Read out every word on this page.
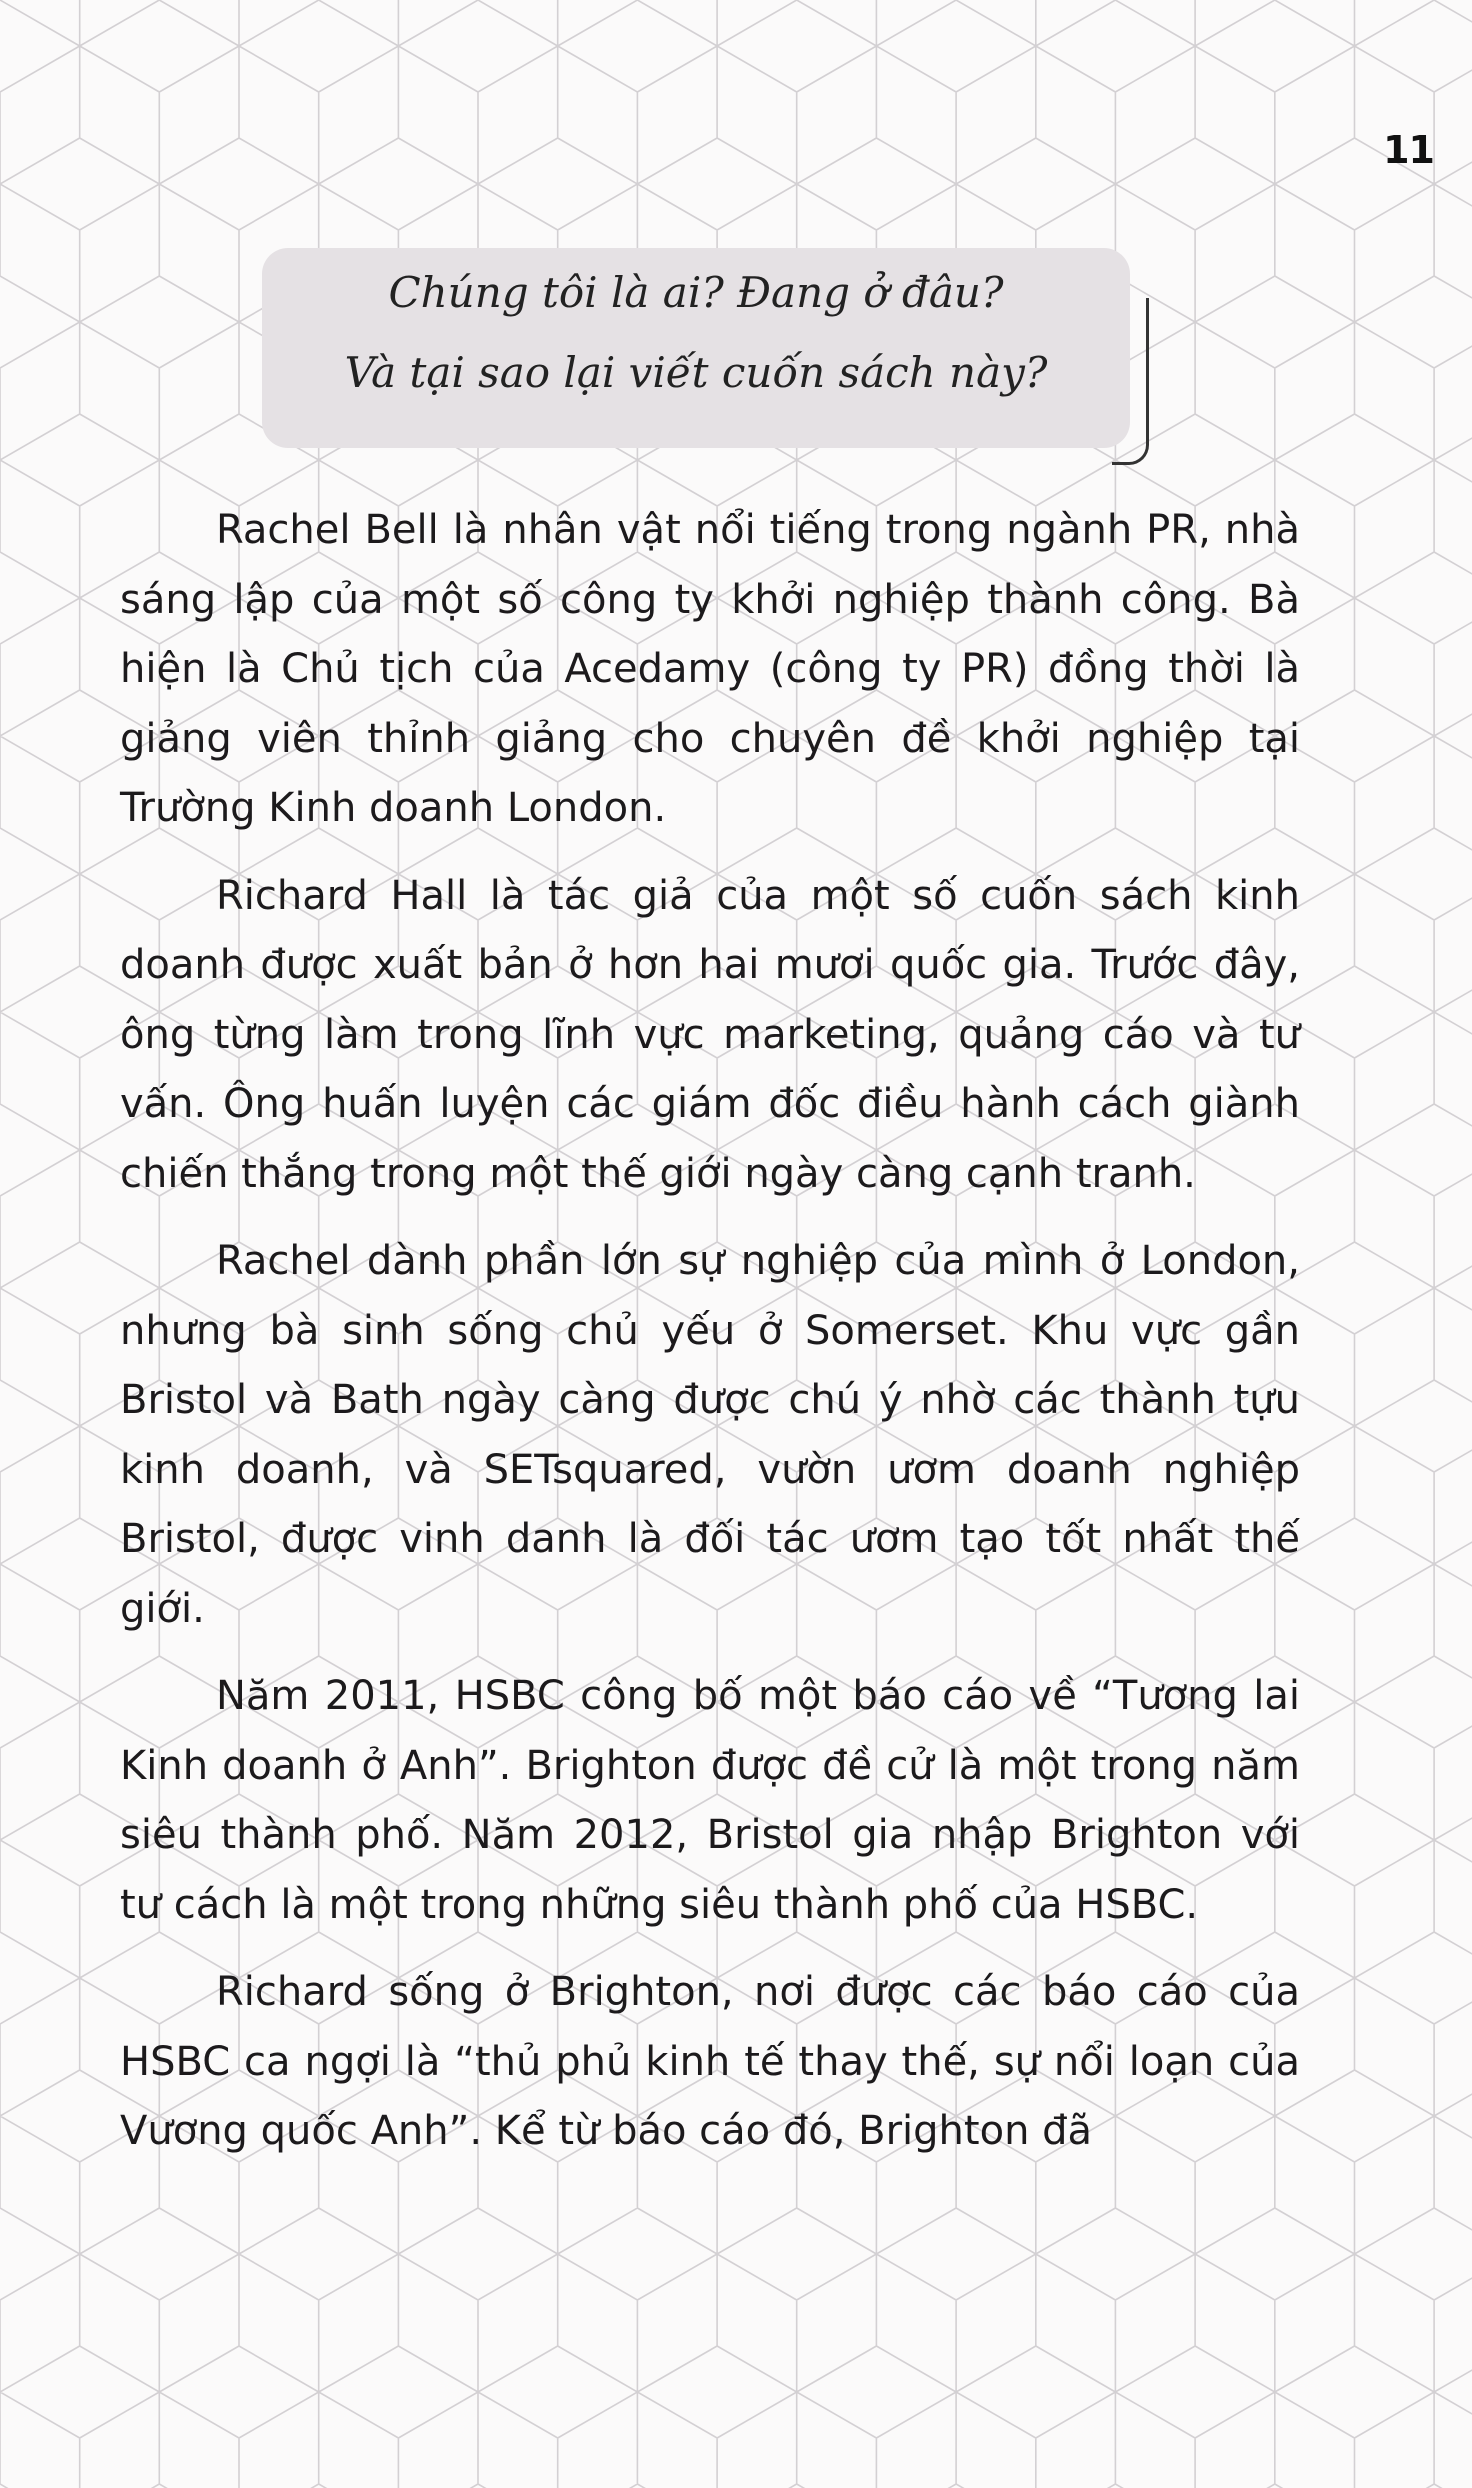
11
Chúng tôi là ai? Đang ở đâu?
Và tại sao lại viết cuốn sách này?

Rachel Bell là nhân vật nổi tiếng trong ngành PR, nhà sáng lập của một số công ty khởi nghiệp thành công. Bà hiện là Chủ tịch của Acedamy (công ty PR) đồng thời là giảng viên thỉnh giảng cho chuyên đề khởi nghiệp tại Trường Kinh doanh London.

Richard Hall là tác giả của một số cuốn sách kinh doanh được xuất bản ở hơn hai mươi quốc gia. Trước đây, ông từng làm trong lĩnh vực marketing, quảng cáo và tư vấn. Ông huấn luyện các giám đốc điều hành cách giành chiến thắng trong một thế giới ngày càng cạnh tranh.

Rachel dành phần lớn sự nghiệp của mình ở London, nhưng bà sinh sống chủ yếu ở Somerset. Khu vực gần Bristol và Bath ngày càng được chú ý nhờ các thành tựu kinh doanh, và SETsquared, vườn ươm doanh nghiệp Bristol, được vinh danh là đối tác ươm tạo tốt nhất thế giới.

Năm 2011, HSBC công bố một báo cáo về “Tương lai Kinh doanh ở Anh”. Brighton được đề cử là một trong năm siêu thành phố. Năm 2012, Bristol gia nhập Brighton với tư cách là một trong những siêu thành phố của HSBC.

Richard sống ở Brighton, nơi được các báo cáo của HSBC ca ngợi là “thủ phủ kinh tế thay thế, sự nổi loạn của Vương quốc Anh”. Kể từ báo cáo đó, Brighton đã
